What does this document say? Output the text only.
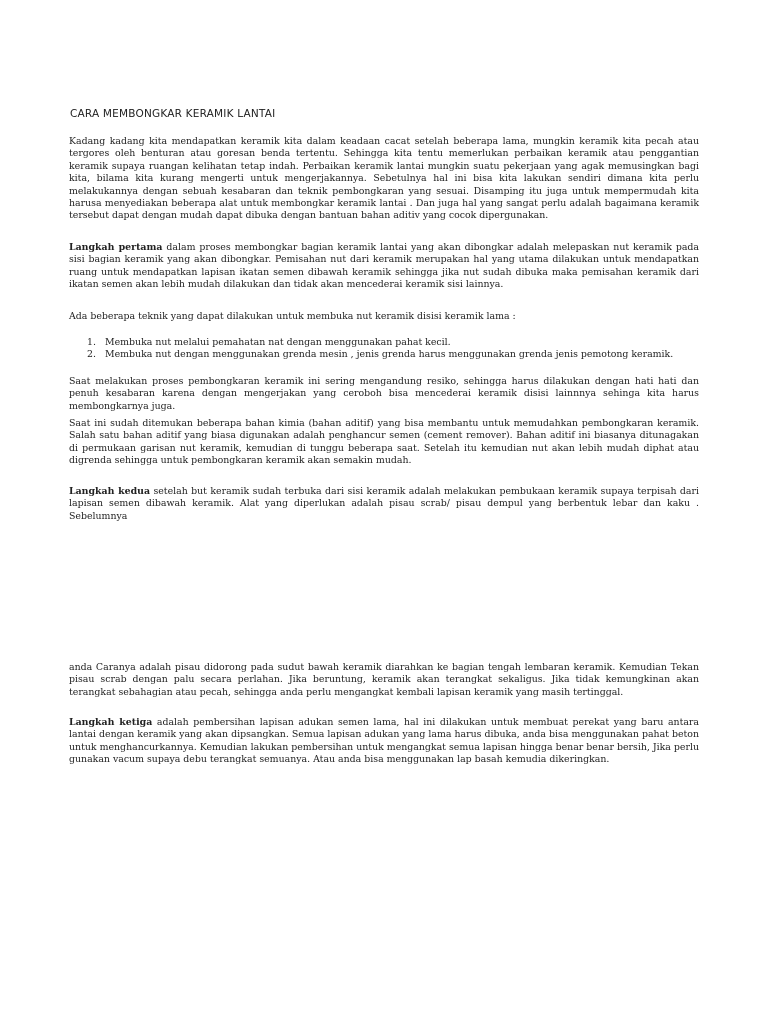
CARA MEMBONGKAR KERAMIK LANTAI

Kadang kadang kita mendapatkan keramik kita dalam keadaan cacat setelah beberapa lama, mungkin keramik kita pecah atau tergores oleh benturan atau goresan benda tertentu. Sehingga kita tentu memerlukan perbaikan keramik atau penggantian keramik supaya ruangan kelihatan tetap indah. Perbaikan keramik lantai mungkin suatu pekerjaan yang agak memusingkan bagi kita, bilama kita kurang mengerti untuk mengerjakannya. Sebetulnya hal ini bisa kita lakukan sendiri dimana kita perlu melakukannya dengan sebuah kesabaran dan teknik pembongkaran yang sesuai. Disamping itu juga untuk mempermudah kita harusa menyediakan beberapa alat untuk membongkar keramik lantai . Dan juga hal yang sangat perlu adalah bagaimana keramik tersebut dapat dengan mudah dapat dibuka dengan bantuan bahan aditiv yang cocok dipergunakan.

Langkah pertama dalam proses membongkar bagian keramik lantai yang akan dibongkar adalah melepaskan nut keramik pada sisi bagian keramik yang akan dibongkar. Pemisahan nut dari keramik merupakan hal yang utama dilakukan untuk mendapatkan ruang untuk mendapatkan lapisan ikatan semen dibawah keramik sehingga jika nut sudah dibuka maka pemisahan keramik dari ikatan semen akan lebih mudah dilakukan dan tidak akan mencederai keramik sisi lainnya.

Ada beberapa teknik yang dapat dilakukan untuk membuka nut keramik disisi keramik lama :

1. Membuka nut melalui pemahatan nat dengan menggunakan pahat kecil.
2. Membuka nut dengan menggunakan grenda mesin , jenis grenda harus menggunakan grenda jenis pemotong keramik.

Saat melakukan proses pembongkaran keramik ini sering mengandung resiko, sehingga harus dilakukan dengan hati hati dan penuh kesabaran karena dengan mengerjakan yang ceroboh bisa mencederai keramik disisi lainnnya sehinga kita harus membongkarnya juga.

Saat ini sudah ditemukan beberapa bahan kimia (bahan aditif) yang bisa membantu untuk memudahkan pembongkaran keramik. Salah satu bahan aditif yang biasa digunakan adalah penghancur semen (cement remover). Bahan aditif ini biasanya ditunagakan di permukaan garisan nut keramik, kemudian di tunggu beberapa saat. Setelah itu kemudian nut akan lebih mudah diphat atau digrenda sehingga untuk pembongkaran keramik akan semakin mudah.

Langkah kedua setelah but keramik sudah terbuka dari sisi keramik adalah melakukan pembukaan keramik supaya terpisah dari lapisan semen dibawah keramik. Alat yang diperlukan adalah pisau scrab/ pisau dempul yang berbentuk lebar dan kaku . Sebelumnya

anda Caranya adalah pisau didorong pada sudut bawah keramik diarahkan ke bagian tengah lembaran keramik. Kemudian Tekan pisau scrab dengan palu secara perlahan. Jika beruntung, keramik akan terangkat sekaligus. Jika tidak kemungkinan akan terangkat sebahagian atau pecah, sehingga anda perlu mengangkat kembali lapisan keramik yang masih tertinggal.

Langkah ketiga adalah pembersihan lapisan adukan semen lama, hal ini dilakukan untuk membuat perekat yang baru antara lantai dengan keramik yang akan dipsangkan. Semua lapisan adukan yang lama harus dibuka, anda bisa menggunakan pahat beton untuk menghancurkannya. Kemudian lakukan pembersihan untuk mengangkat semua lapisan hingga benar benar bersih, Jika perlu gunakan vacum supaya debu terangkat semuanya. Atau anda bisa menggunakan lap basah kemudia dikeringkan.
